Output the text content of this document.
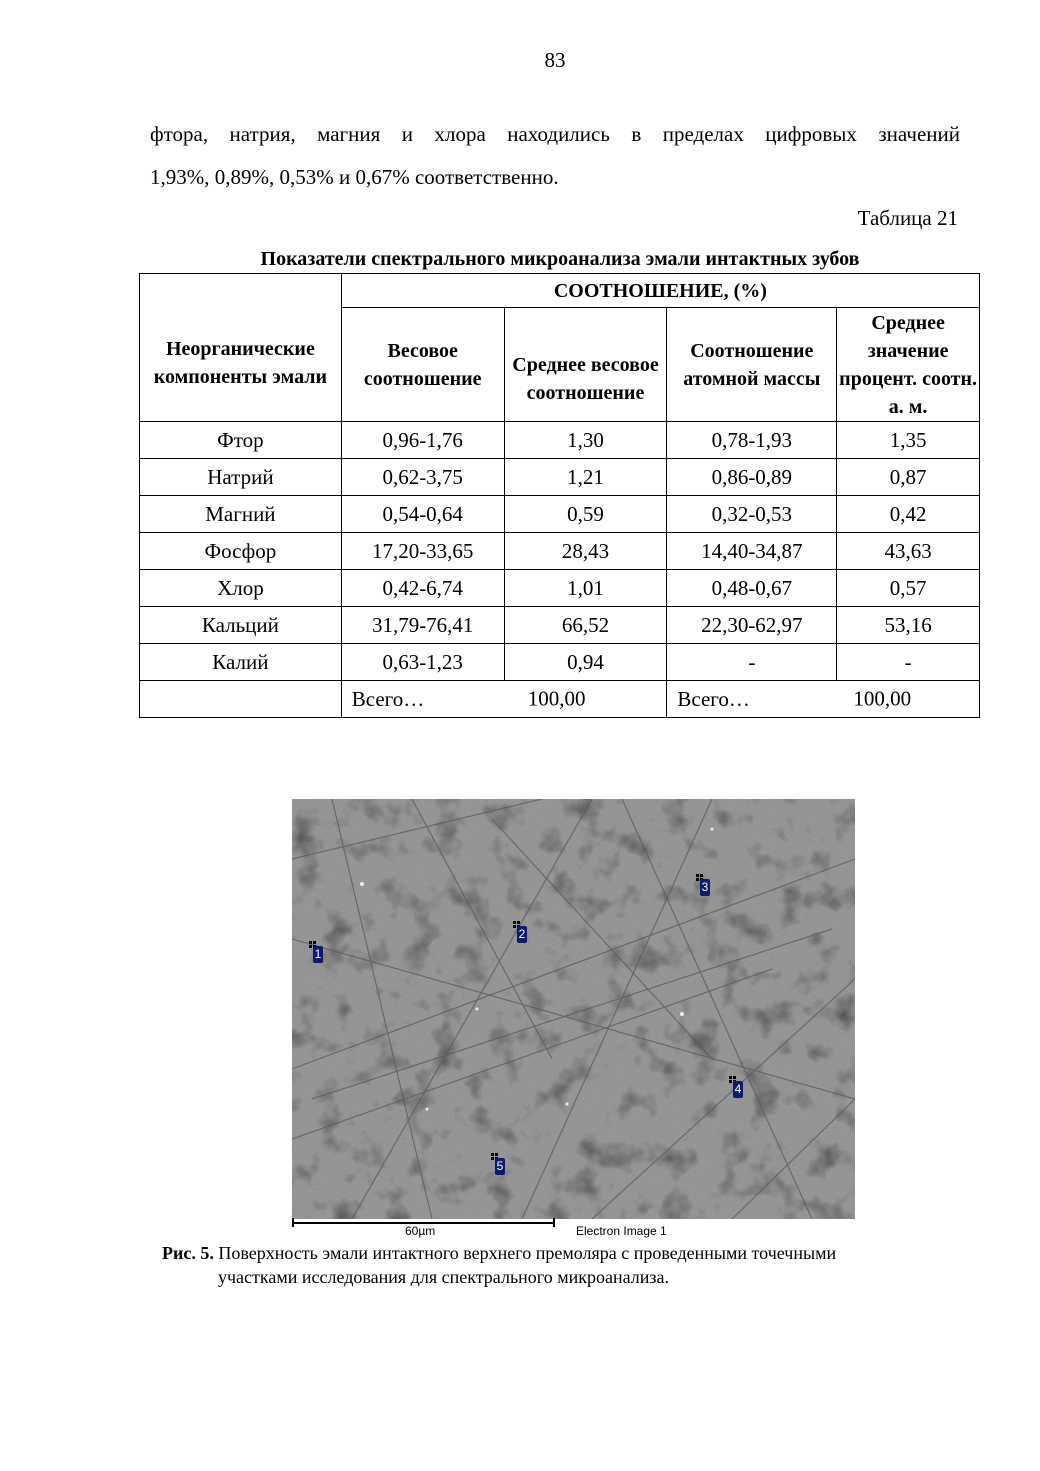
83
фтора, натрия, магния и хлора находились в пределах цифровых значений
1,93%, 0,89%, 0,53% и 0,67% соответственно.
Таблица 21
Показатели спектрального микроанализа эмали интактных зубов
Неорганические компоненты эмали	СООТНОШЕНИЕ, (%)			
	Весовое соотношение	Среднее весовое соотношение	Соотношение атомной массы	Среднее значение процент. соотн. а. м.
Фтор	0,96-1,76	1,30	0,78-1,93	1,35
Натрий	0,62-3,75	1,21	0,86-0,89	0,87
Магний	0,54-0,64	0,59	0,32-0,53	0,42
Фосфор	17,20-33,65	28,43	14,40-34,87	43,63
Хлор	0,42-6,74	1,01	0,48-0,67	0,57
Кальций	31,79-76,41	66,52	22,30-62,97	53,16
Калий	0,63-1,23	0,94	-	-
	Всего… 100,00		Всего… 100,00	
1
2
3
4
5
60µm	Electron Image 1
Рис. 5. Поверхность эмали интактного верхнего премоляра с проведенными точечными
участками исследования для спектрального микроанализа.
